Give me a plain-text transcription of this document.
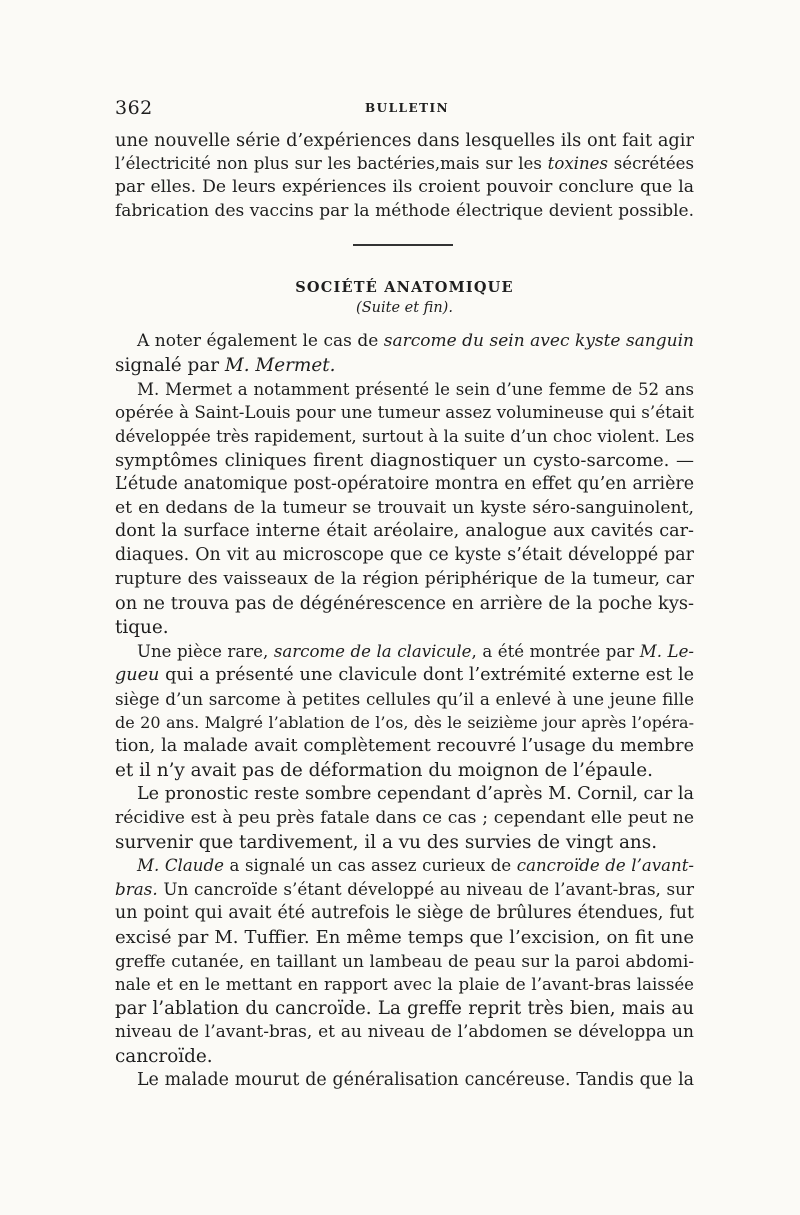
362	BULLETIN
une nouvelle série d’expériences dans lesquelles ils ont fait agir
l’électricité non plus sur les bactéries,mais sur les toxines sécrétées
par elles. De leurs expériences ils croient pouvoir conclure que la
fabrication des vaccins par la méthode électrique devient possible.
SOCIÉTÉ ANATOMIQUE
(Suite et fin).
A noter également le cas de sarcome du sein avec kyste sanguin
signalé par M. Mermet.
M. Mermet a notamment présenté le sein d’une femme de 52 ans
opérée à Saint-Louis pour une tumeur assez volumineuse qui s’était
développée très rapidement, surtout à la suite d’un choc violent. Les
symptômes cliniques firent diagnostiquer un cysto-sarcome. —
L’étude anatomique post-opératoire montra en effet qu’en arrière
et en dedans de la tumeur se trouvait un kyste séro-sanguinolent,
dont la surface interne était aréolaire, analogue aux cavités car-
diaques. On vit au microscope que ce kyste s’était développé par
rupture des vaisseaux de la région périphérique de la tumeur, car
on ne trouva pas de dégénérescence en arrière de la poche kys-
tique.
Une pièce rare, sarcome de la clavicule, a été montrée par M. Le-
gueu qui a présenté une clavicule dont l’extrémité externe est le
siège d’un sarcome à petites cellules qu’il a enlevé à une jeune fille
de 20 ans. Malgré l’ablation de l’os, dès le seizième jour après l’opéra-
tion, la malade avait complètement recouvré l’usage du membre
et il n’y avait pas de déformation du moignon de l’épaule.
Le pronostic reste sombre cependant d’après M. Cornil, car la
récidive est à peu près fatale dans ce cas ; cependant elle peut ne
survenir que tardivement, il a vu des survies de vingt ans.
M. Claude a signalé un cas assez curieux de cancroïde de l’avant-
bras. Un cancroïde s’étant développé au niveau de l’avant-bras, sur
un point qui avait été autrefois le siège de brûlures étendues, fut
excisé par M. Tuffier. En même temps que l’excision, on fit une
greffe cutanée, en taillant un lambeau de peau sur la paroi abdomi-
nale et en le mettant en rapport avec la plaie de l’avant-bras laissée
par l’ablation du cancroïde. La greffe reprit très bien, mais au
niveau de l’avant-bras, et au niveau de l’abdomen se développa un
cancroïde.
Le malade mourut de généralisation cancéreuse. Tandis que la
